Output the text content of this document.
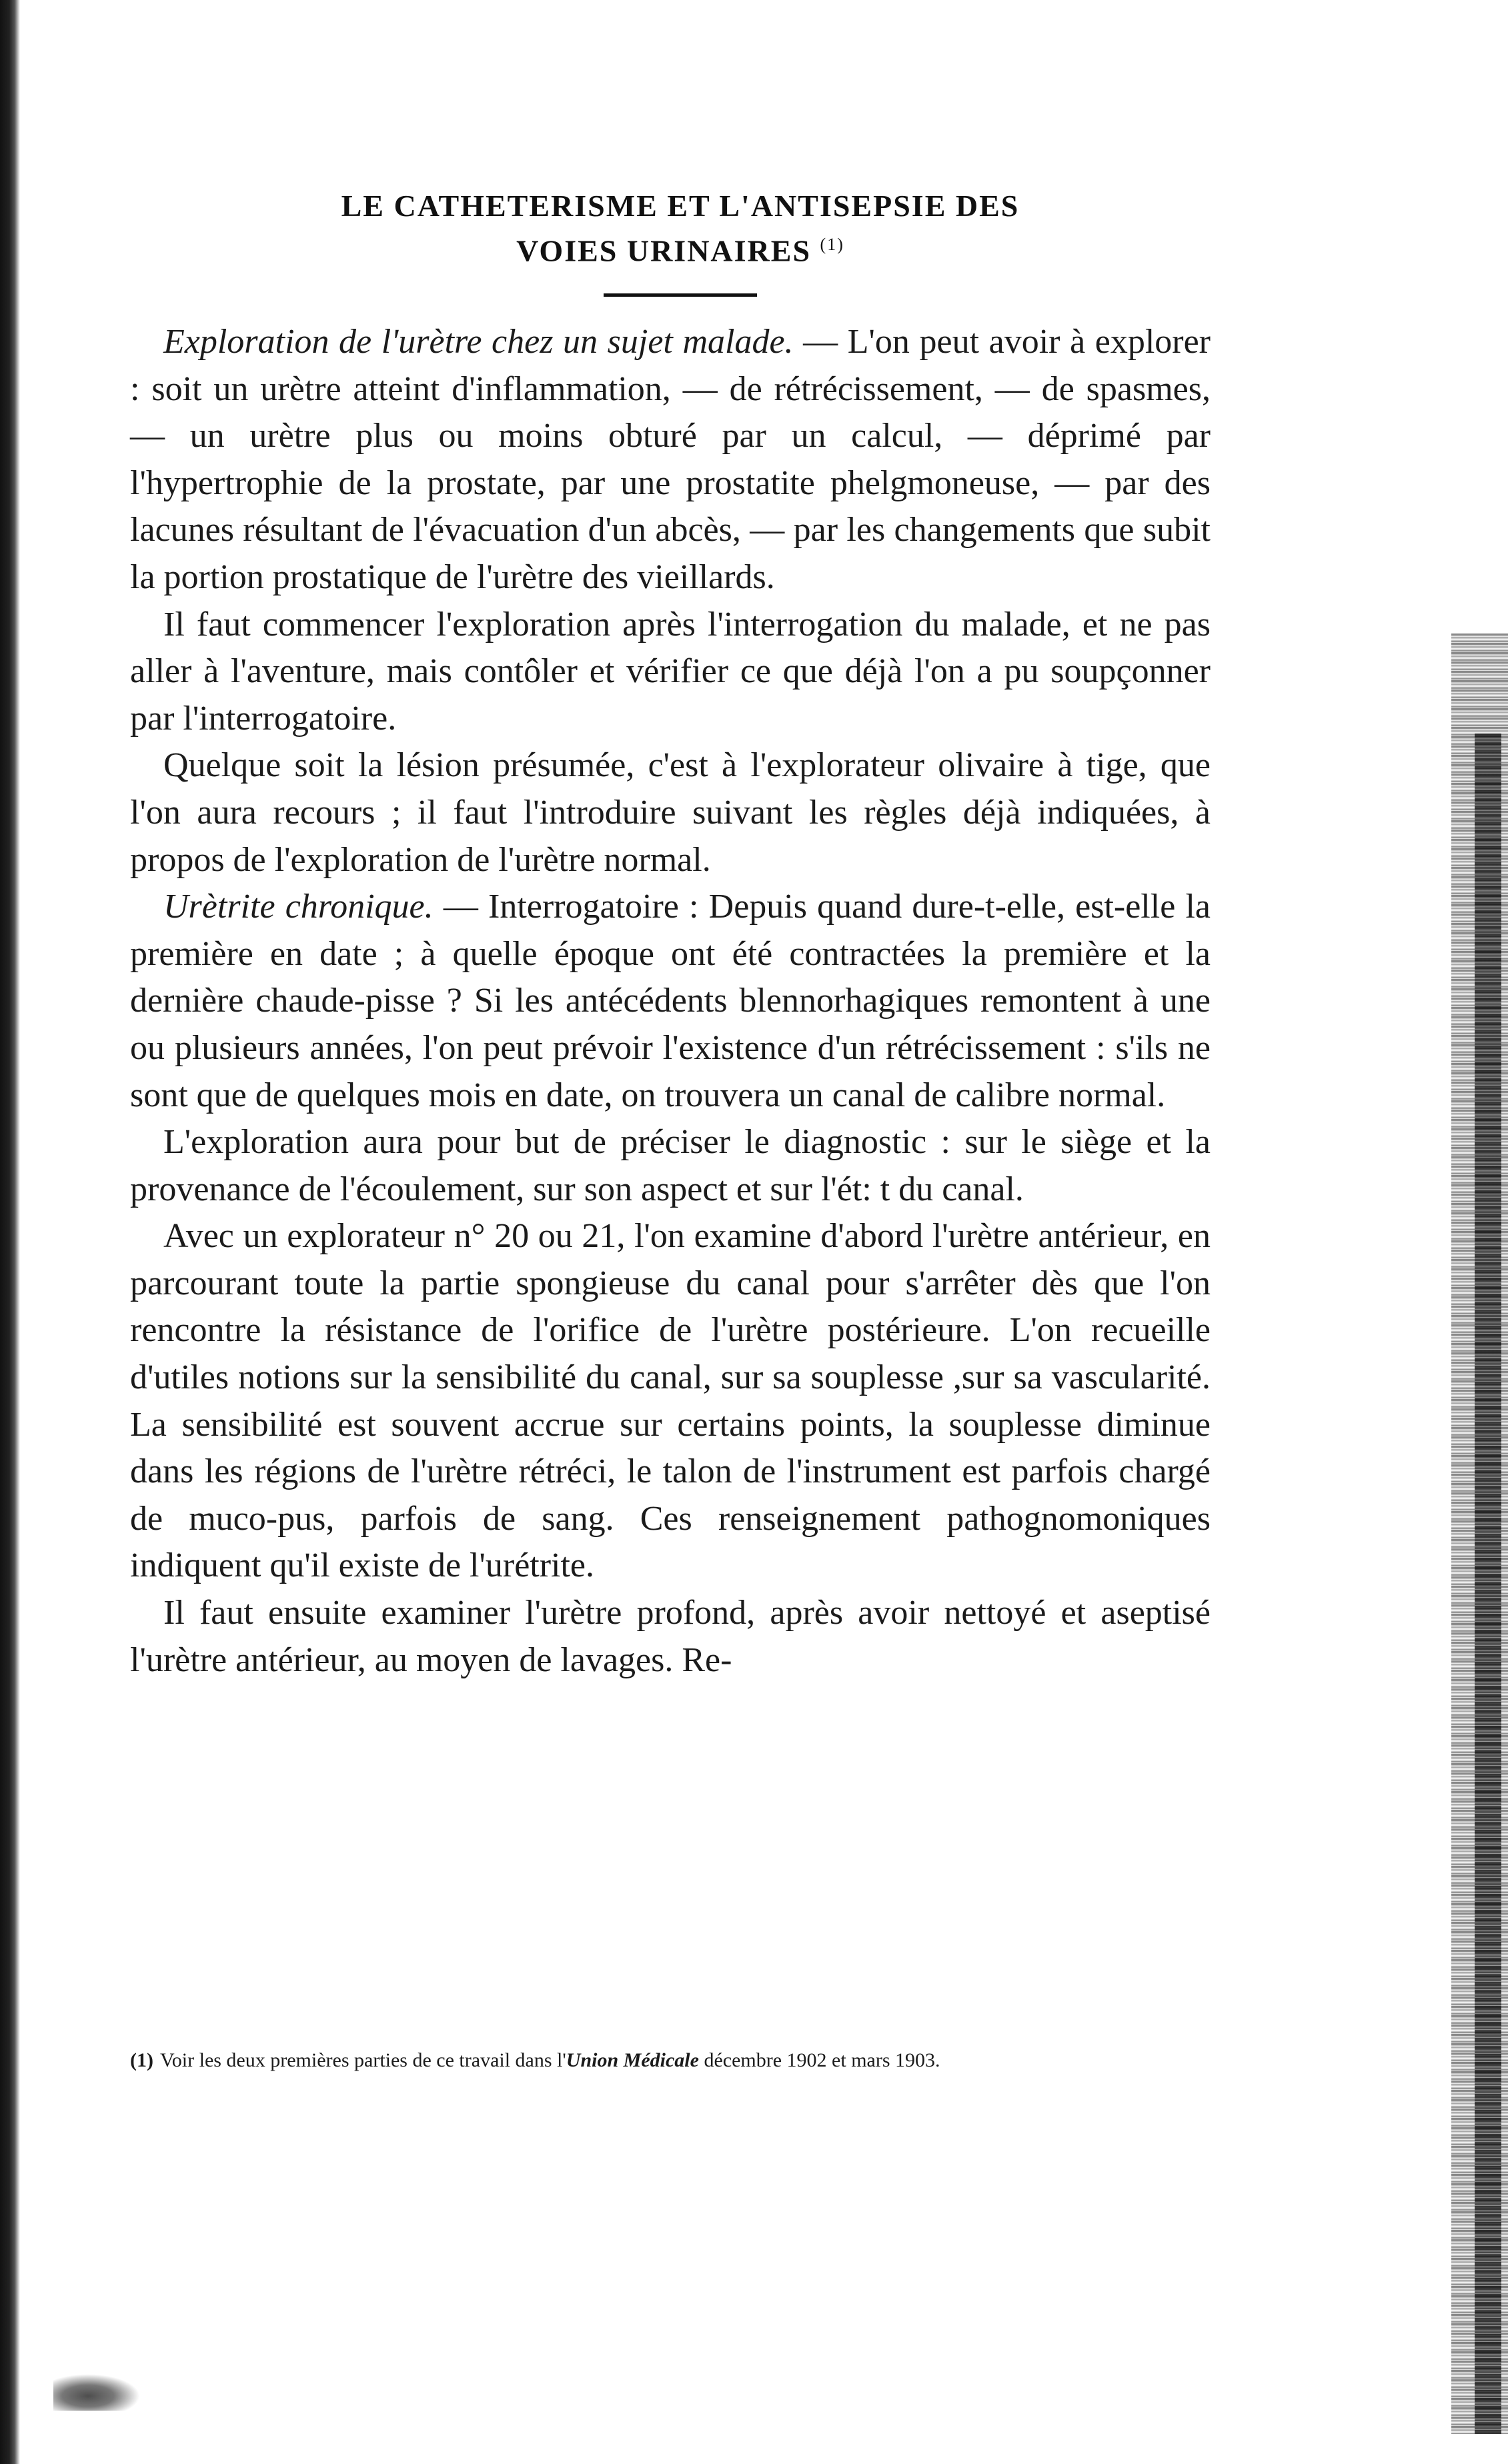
LE CATHETERISME ET L'ANTISEPSIE DES
VOIES URINAIRES $^{(1)}$

Exploration de l'urètre chez un sujet malade. — L'on peut avoir à explorer : soit un urètre atteint d'inflammation, — de rétrécissement, — de spasmes, — un urètre plus ou moins obturé par un calcul, — déprimé par l'hypertrophie de la prostate, par une prostatite phelgmoneuse, — par des lacunes résultant de l'évacuation d'un abcès, — par les changements que subit la portion prostatique de l'urètre des vieillards.

Il faut commencer l'exploration après l'interrogation du malade, et ne pas aller à l'aventure, mais contôler et vérifier ce que déjà l'on a pu soupçonner par l'interrogatoire.

Quelque soit la lésion présumée, c'est à l'explorateur olivaire à tige, que l'on aura recours ; il faut l'introduire suivant les règles déjà indiquées, à propos de l'exploration de l'urètre normal.

Urètrite chronique. — Interrogatoire : Depuis quand dure-t-elle, est-elle la première en date ; à quelle époque ont été contractées la première et la dernière chaude-pisse ? Si les antécédents blennorhagiques remontent à une ou plusieurs années, l'on peut prévoir l'existence d'un rétrécissement : s'ils ne sont que de quelques mois en date, on trouvera un canal de calibre normal.

L'exploration aura pour but de préciser le diagnostic : sur le siège et la provenance de l'écoulement, sur son aspect et sur l'ét: t du canal.

Avec un explorateur n° 20 ou 21, l'on examine d'abord l'urètre antérieur, en parcourant toute la partie spongieuse du canal pour s'arrêter dès que l'on rencontre la résistance de l'orifice de l'urètre postérieure. L'on recueille d'utiles notions sur la sensibilité du canal, sur sa souplesse ,sur sa vascularité. La sensibilité est souvent accrue sur certains points, la souplesse diminue dans les régions de l'urètre rétréci, le talon de l'instrument est parfois chargé de muco-pus, parfois de sang. Ces renseignement pathognomoniques indiquent qu'il existe de l'urétrite.

Il faut ensuite examiner l'urètre profond, après avoir nettoyé et aseptisé l'urètre antérieur, au moyen de lavages. Re-

(1) Voir les deux premières parties de ce travail dans l'Union Médicale décembre 1902 et mars 1903.
